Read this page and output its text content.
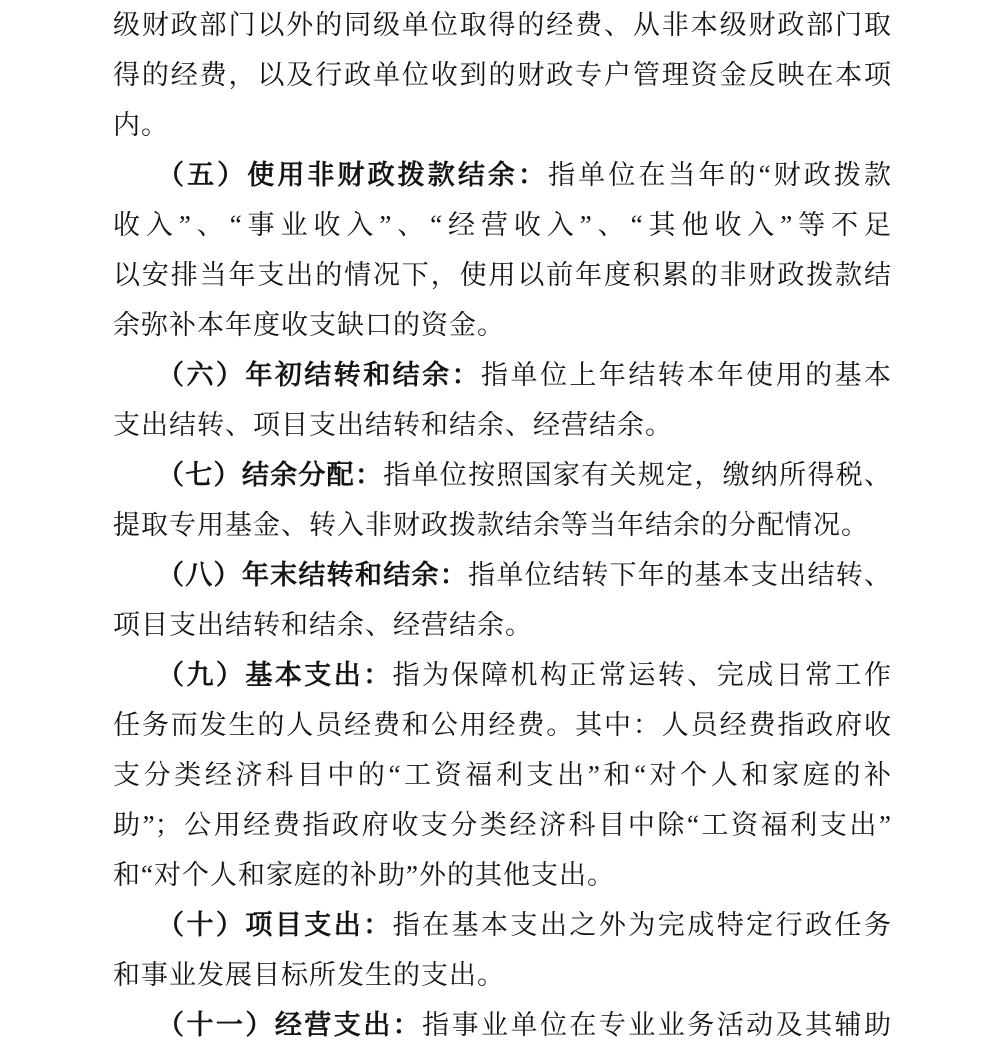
级财政部门以外的同级单位取得的经费、从非本级财政部门取
得的经费，以及行政单位收到的财政专户管理资金反映在本项
内。
（五）使用非财政拨款结余：指单位在当年的“财政拨款
收入”、“事业收入”、“经营收入”、“其他收入”等不足
以安排当年支出的情况下，使用以前年度积累的非财政拨款结
余弥补本年度收支缺口的资金。
（六）年初结转和结余：指单位上年结转本年使用的基本
支出结转、项目支出结转和结余、经营结余。
（七）结余分配：指单位按照国家有关规定，缴纳所得税、
提取专用基金、转入非财政拨款结余等当年结余的分配情况。
（八）年末结转和结余：指单位结转下年的基本支出结转、
项目支出结转和结余、经营结余。
（九）基本支出：指为保障机构正常运转、完成日常工作
任务而发生的人员经费和公用经费。其中：人员经费指政府收
支分类经济科目中的“工资福利支出”和“对个人和家庭的补
助”；公用经费指政府收支分类经济科目中除“工资福利支出”
和“对个人和家庭的补助”外的其他支出。
（十）项目支出：指在基本支出之外为完成特定行政任务
和事业发展目标所发生的支出。
（十一）经营支出：指事业单位在专业业务活动及其辅助
